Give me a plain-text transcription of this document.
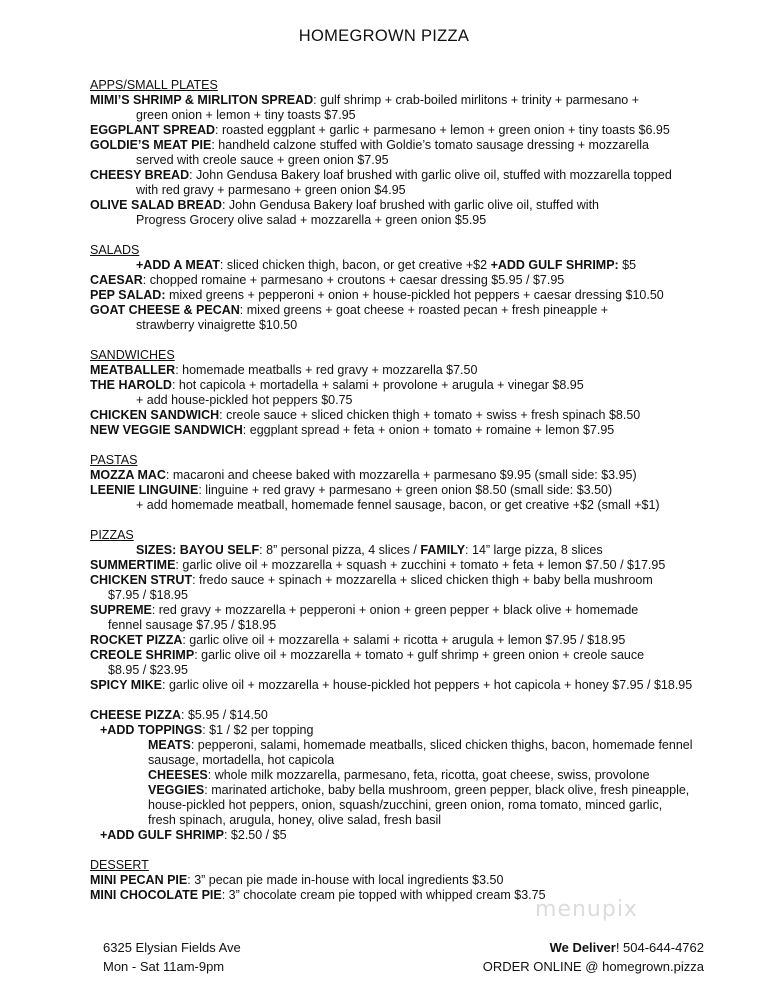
HOMEGROWN PIZZA
APPS/SMALL PLATES
MIMI’S SHRIMP & MIRLITON SPREAD: gulf shrimp + crab-boiled mirlitons + trinity + parmesano +
green onion + lemon + tiny toasts $7.95
EGGPLANT SPREAD: roasted eggplant + garlic + parmesano + lemon + green onion + tiny toasts $6.95
GOLDIE’S MEAT PIE: handheld calzone stuffed with Goldie’s tomato sausage dressing + mozzarella
served with creole sauce + green onion $7.95
CHEESY BREAD: John Gendusa Bakery loaf brushed with garlic olive oil, stuffed with mozzarella topped
with red gravy + parmesano + green onion $4.95
OLIVE SALAD BREAD: John Gendusa Bakery loaf brushed with garlic olive oil, stuffed with
Progress Grocery olive salad + mozzarella + green onion $5.95
SALADS
+ADD A MEAT: sliced chicken thigh, bacon, or get creative +$2 +ADD GULF SHRIMP: $5
CAESAR: chopped romaine + parmesano + croutons + caesar dressing $5.95 / $7.95
PEP SALAD: mixed greens + pepperoni + onion + house-pickled hot peppers + caesar dressing $10.50
GOAT CHEESE & PECAN: mixed greens + goat cheese + roasted pecan + fresh pineapple +
strawberry vinaigrette $10.50
SANDWICHES
MEATBALLER: homemade meatballs + red gravy + mozzarella $7.50
THE HAROLD: hot capicola + mortadella + salami + provolone + arugula + vinegar $8.95
+ add house-pickled hot peppers $0.75
CHICKEN SANDWICH: creole sauce + sliced chicken thigh + tomato + swiss + fresh spinach $8.50
NEW VEGGIE SANDWICH: eggplant spread + feta + onion + tomato + romaine + lemon $7.95
PASTAS
MOZZA MAC: macaroni and cheese baked with mozzarella + parmesano $9.95 (small side: $3.95)
LEENIE LINGUINE: linguine + red gravy + parmesano + green onion $8.50 (small side: $3.50)
+ add homemade meatball, homemade fennel sausage, bacon, or get creative +$2 (small +$1)
PIZZAS
SIZES: BAYOU SELF: 8” personal pizza, 4 slices / FAMILY: 14” large pizza, 8 slices
SUMMERTIME: garlic olive oil + mozzarella + squash + zucchini + tomato + feta + lemon $7.50 / $17.95
CHICKEN STRUT: fredo sauce + spinach + mozzarella + sliced chicken thigh + baby bella mushroom
$7.95 / $18.95
SUPREME: red gravy + mozzarella + pepperoni + onion + green pepper + black olive + homemade
fennel sausage $7.95 / $18.95
ROCKET PIZZA: garlic olive oil + mozzarella + salami + ricotta + arugula + lemon $7.95 / $18.95
CREOLE SHRIMP: garlic olive oil + mozzarella + tomato + gulf shrimp + green onion + creole sauce
$8.95 / $23.95
SPICY MIKE: garlic olive oil + mozzarella + house-pickled hot peppers + hot capicola + honey $7.95 / $18.95
CHEESE PIZZA: $5.95 / $14.50
+ADD TOPPINGS: $1 / $2 per topping
MEATS: pepperoni, salami, homemade meatballs, sliced chicken thighs, bacon, homemade fennel
sausage, mortadella, hot capicola
CHEESES: whole milk mozzarella, parmesano, feta, ricotta, goat cheese, swiss, provolone
VEGGIES: marinated artichoke, baby bella mushroom, green pepper, black olive, fresh pineapple,
house-pickled hot peppers, onion, squash/zucchini, green onion, roma tomato, minced garlic,
fresh spinach, arugula, honey, olive salad, fresh basil
+ADD GULF SHRIMP: $2.50 / $5
DESSERT
MINI PECAN PIE: 3” pecan pie made in-house with local ingredients $3.50
MINI CHOCOLATE PIE: 3” chocolate cream pie topped with whipped cream $3.75
menupix
6325 Elysian Fields Ave
Mon - Sat 11am-9pm
We Deliver! 504-644-4762
ORDER ONLINE @ homegrown.pizza
